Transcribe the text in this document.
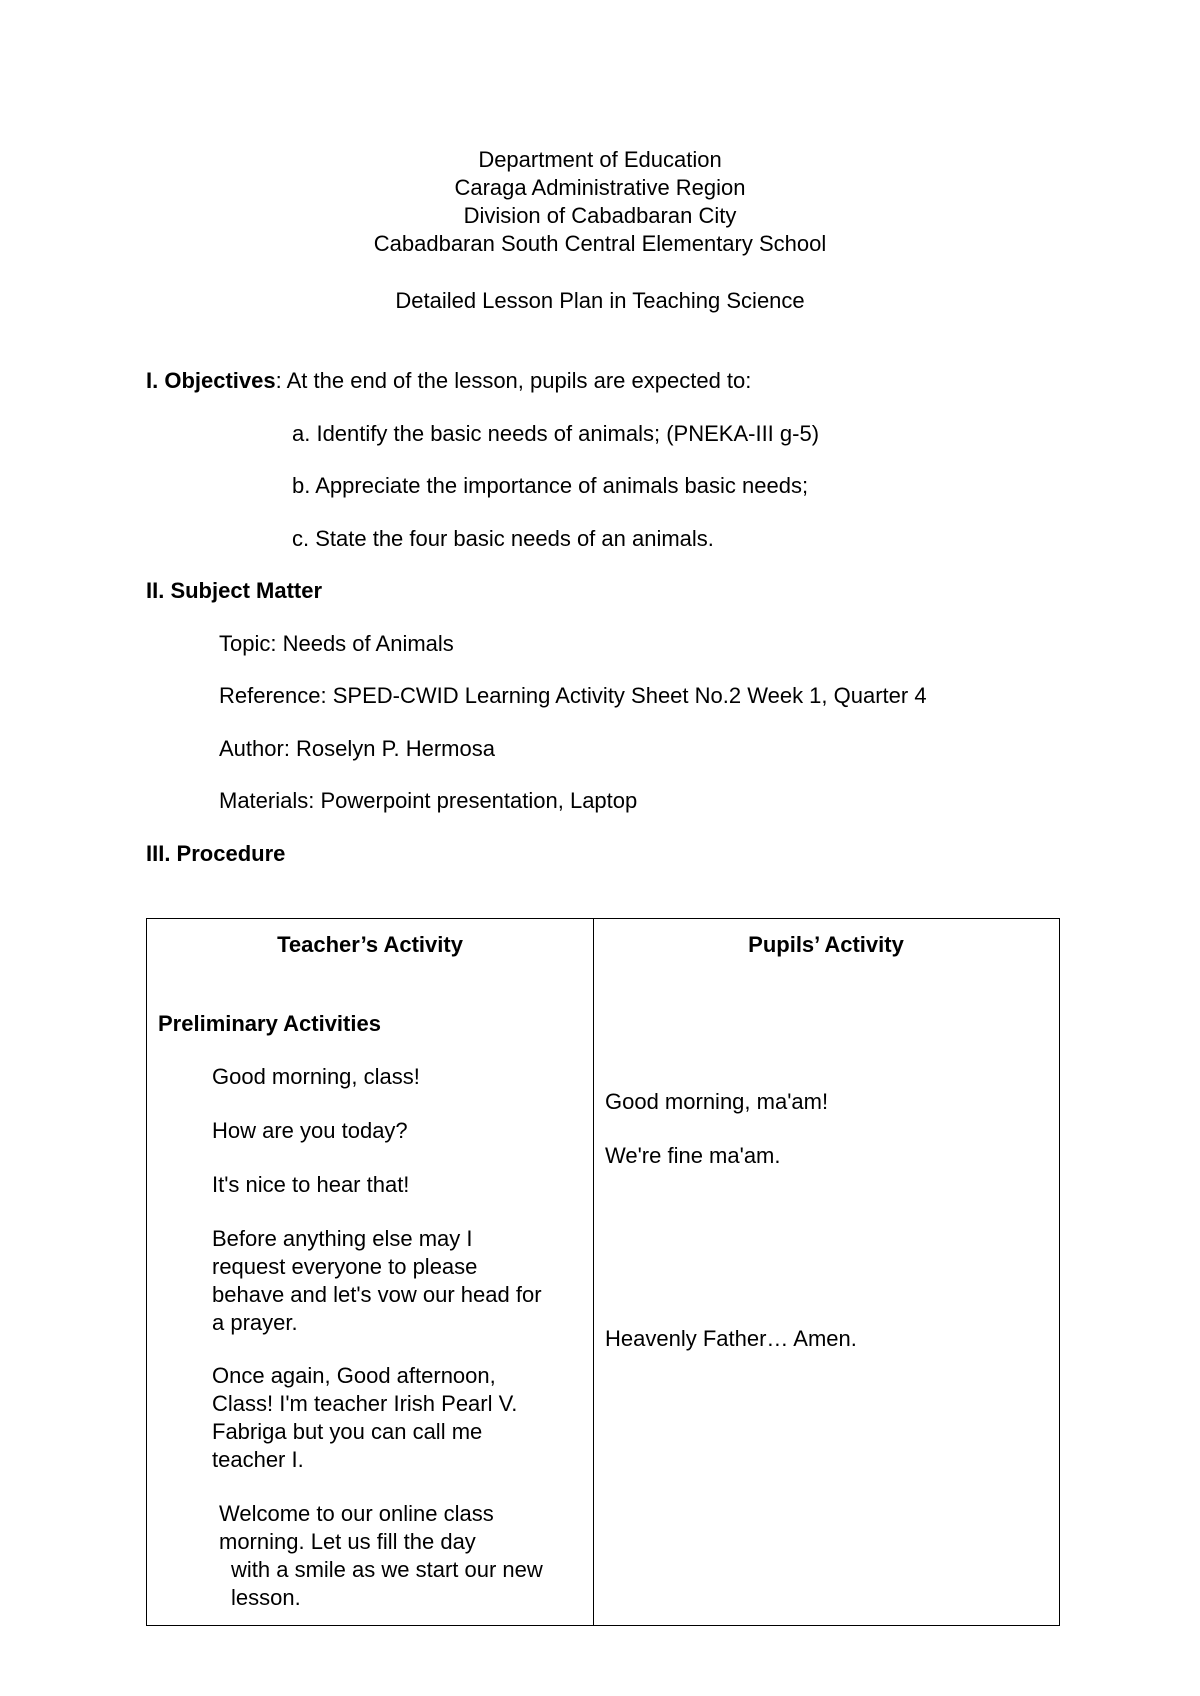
Department of Education
Caraga Administrative Region
Division of Cabadbaran City
Cabadbaran South Central Elementary School
Detailed Lesson Plan in Teaching Science
I. Objectives: At the end of the lesson, pupils are expected to:
a. Identify the basic needs of animals; (PNEKA-III g-5)
b. Appreciate the importance of animals basic needs;
c. State the four basic needs of an animals.
II. Subject Matter
Topic: Needs of Animals
Reference: SPED-CWID Learning Activity Sheet No.2 Week 1, Quarter 4
Author: Roselyn P. Hermosa
Materials: Powerpoint presentation, Laptop
III. Procedure
Teacher’s Activity	Pupils’ Activity
Preliminary Activities
Good morning, class!
How are you today?
It's nice to hear that!
Before anything else may I
request everyone to please
behave and let's vow our head for
a prayer.
Once again, Good afternoon,
Class! I'm teacher Irish Pearl V.
Fabriga but you can call me
teacher I.
Welcome to our online class
morning. Let us fill the day
with a smile as we start our new
lesson.
Good morning, ma'am!
We're fine ma'am.
Heavenly Father… Amen.
